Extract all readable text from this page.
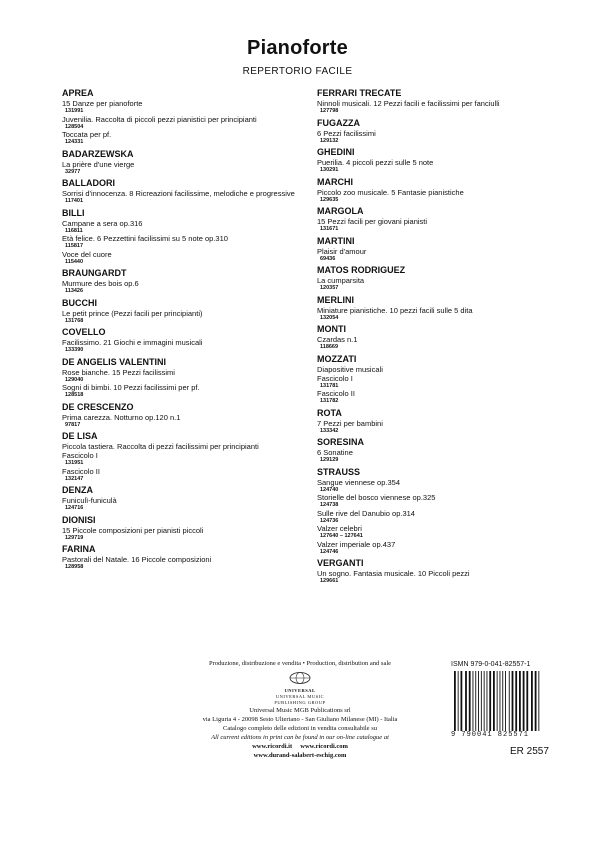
Pianoforte
REPERTORIO FACILE
APREA
15 Danze per pianoforte
131991
Juvenilia. Raccolta di piccoli pezzi pianistici per principianti
128504
Toccata per pf.
124331
BADARZEWSKA
La prière d'une vierge
32977
BALLADORI
Sorrisi d'innocenza. 8 Ricreazioni facilissime, melodiche e progressive
117401
BILLI
Campane a sera op.316
116811
Età felice. 6 Pezzettini facilissimi su 5 note op.310
115817
Voce del cuore
115440
BRAUNGARDT
Murmure des bois op.6
113426
BUCCHI
Le petit prince (Pezzi facili per principianti)
131768
COVELLO
Facilissimo. 21 Giochi e immagini musicali
133390
DE ANGELIS VALENTINI
Rose bianche. 15 Pezzi facilissimi
129040
Sogni di bimbi. 10 Pezzi facilissimi per pf.
128518
DE CRESCENZO
Prima carezza. Notturno op.120 n.1
97817
DE LISA
Piccola tastiera. Raccolta di pezzi facilissimi per principianti
Fascicolo I
131951
Fascicolo II
132147
DENZA
Funiculì-funiculà
124716
DIONISI
15 Piccole composizioni per pianisti piccoli
129719
FARINA
Pastorali del Natale. 16 Piccole composizioni
128958
FERRARI TRECATE
Ninnoli musicali. 12 Pezzi facili e facilissimi per fanciulli
127798
FUGAZZA
6 Pezzi facilissimi
129132
GHEDINI
Puerilia. 4 piccoli pezzi sulle 5 note
130291
MARCHI
Piccolo zoo musicale. 5 Fantasie pianistiche
129635
MARGOLA
15 Pezzi facili per giovani pianisti
131671
MARTINI
Plaisir d'amour
69436
MATOS RODRIGUEZ
La cumparsita
120357
MERLINI
Miniature pianistiche. 10 pezzi facili sulle 5 dita
132054
MONTI
Czardas n.1
118669
MOZZATI
Diapositive musicali
Fascicolo I
131781
Fascicolo II
131782
ROTA
7 Pezzi per bambini
133342
SORESINA
6 Sonatine
129129
STRAUSS
Sangue viennese op.354
124740
Storielle del bosco viennese op.325
124738
Sulle rive del Danubio op.314
124736
Valzer celebri
127640 – 127641
Valzer imperiale op.437
124746
VERGANTI
Un sogno. Fantasia musicale. 10 Piccoli pezzi
129661
Produzione, distribuzione e vendita • Production, distribution and sale
UNIVERSAL
UNIVERSAL MUSIC
PUBLISHING GROUP
Universal Music MGB Publications srl
via Liguria 4 - 20098 Sesto Ulteriano - San Giuliano Milanese (MI) - Italia
Catalogo completo delle edizioni in vendita consultabile su
All current editions in print can be found in our on-line catalogue at
www.ricordi.it www.ricordi.com
www.durand-salabert-eschig.com
ISMN 979-0-041-82557-1
9 790041 825571
ER 2557
